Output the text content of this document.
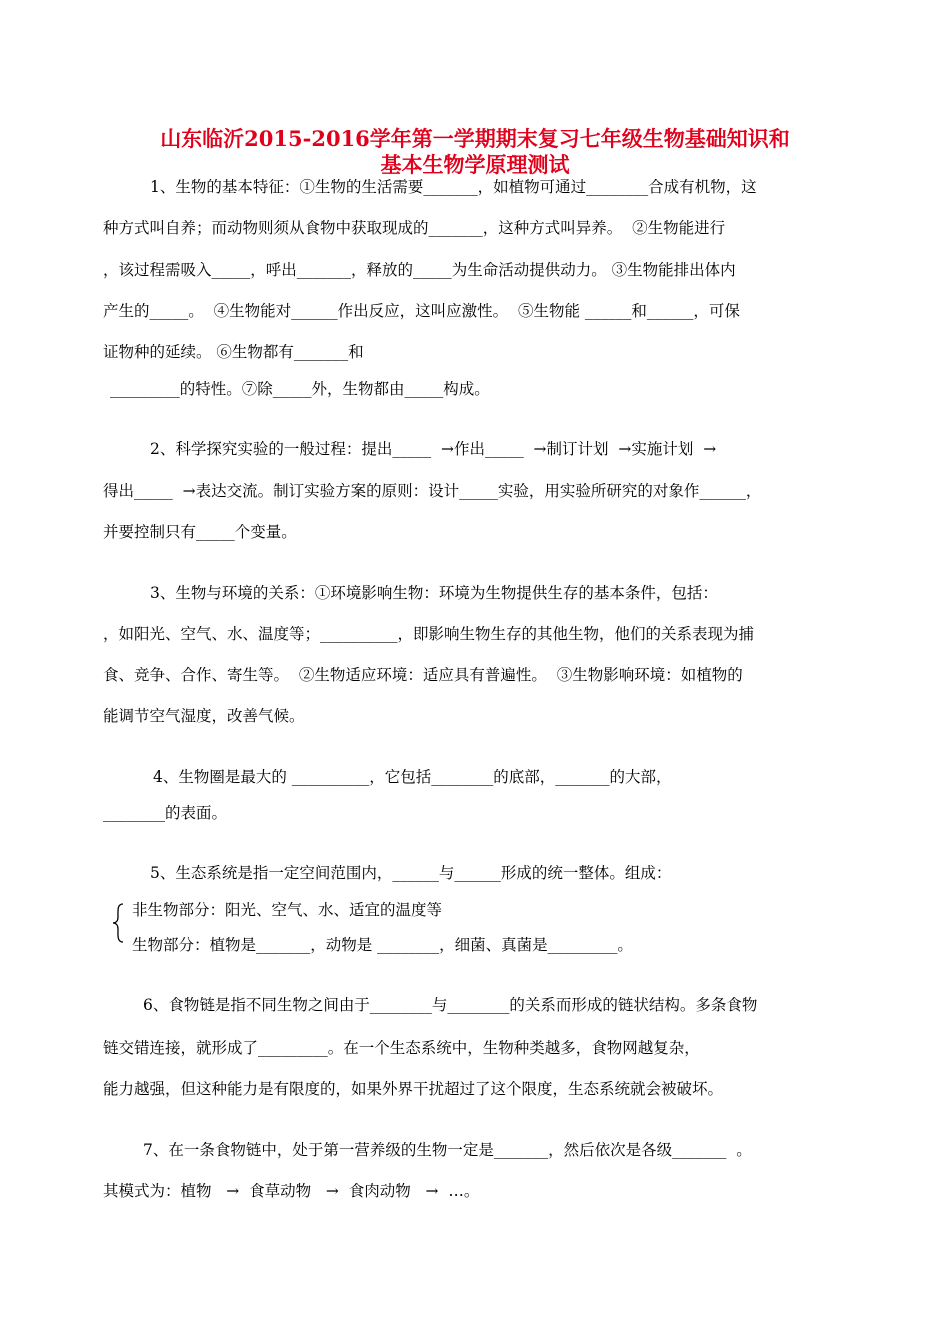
山东临沂2015-2016学年第一学期期末复习七年级生物基础知识和
基本生物学原理测试
1、生物的基本特征：①生物的生活需要_______，如植物可通过________合成有机物，这
种方式叫自养；而动物则须从食物中获取现成的_______，这种方式叫异养。  ②生物能进行
，该过程需吸入_____，呼出_______，释放的_____为生命活动提供动力。 ③生物能排出体内
产生的_____。  ④生物能对______作出反应，这叫应激性。  ⑤生物能 ______和______，可保
证物种的延续。 ⑥生物都有_______和
_________的特性。⑦除_____外，生物都由_____构成。
2、科学探究实验的一般过程：提出_____  →作出_____  →制订计划  →实施计划  →
得出_____  →表达交流。制订实验方案的原则：设计_____实验，用实验所研究的对象作______，
并要控制只有_____个变量。
3、生物与环境的关系：①环境影响生物：环境为生物提供生存的基本条件，包括：
，如阳光、空气、水、温度等；__________，即影响生物生存的其他生物，他们的关系表现为捕
食、竞争、合作、寄生等。  ②生物适应环境：适应具有普遍性。  ③生物影响环境：如植物的
能调节空气湿度，改善气候。
4、生物圈是最大的 __________，它包括________的底部，_______的大部，
________的表面。
5、生态系统是指一定空间范围内，______与______形成的统一整体。组成：
非生物部分：阳光、空气、水、适宜的温度等
生物部分：植物是_______，动物是 ________，细菌、真菌是_________。
6、食物链是指不同生物之间由于________与________的关系而形成的链状结构。多条食物
链交错连接，就形成了_________。在一个生态系统中，生物种类越多，食物网越复杂，
能力越强，但这种能力是有限度的，如果外界干扰超过了这个限度，生态系统就会被破坏。
7、在一条食物链中，处于第一营养级的生物一定是_______，然后依次是各级_______  。
其模式为：植物   →  食草动物   →  食肉动物   →  …。
